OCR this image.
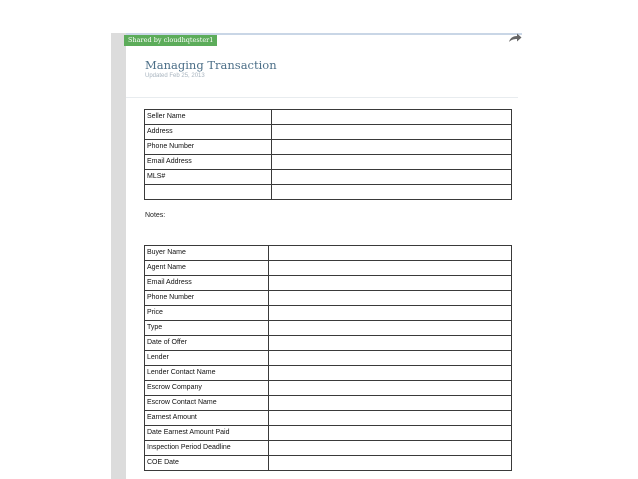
Shared by cloudhqtester1
Managing Transaction
Updated Feb 25, 2013
Seller Name	
Address	
Phone Number	
Email Address	
MLS#	

Notes:
Buyer Name	
Agent Name	
Email Address	
Phone Number	
Price	
Type	
Date of Offer	
Lender	
Lender Contact Name	
Escrow Company	
Escrow Contact Name	
Earnest Amount	
Date Earnest Amount Paid	
Inspection Period Deadline	
COE Date	
